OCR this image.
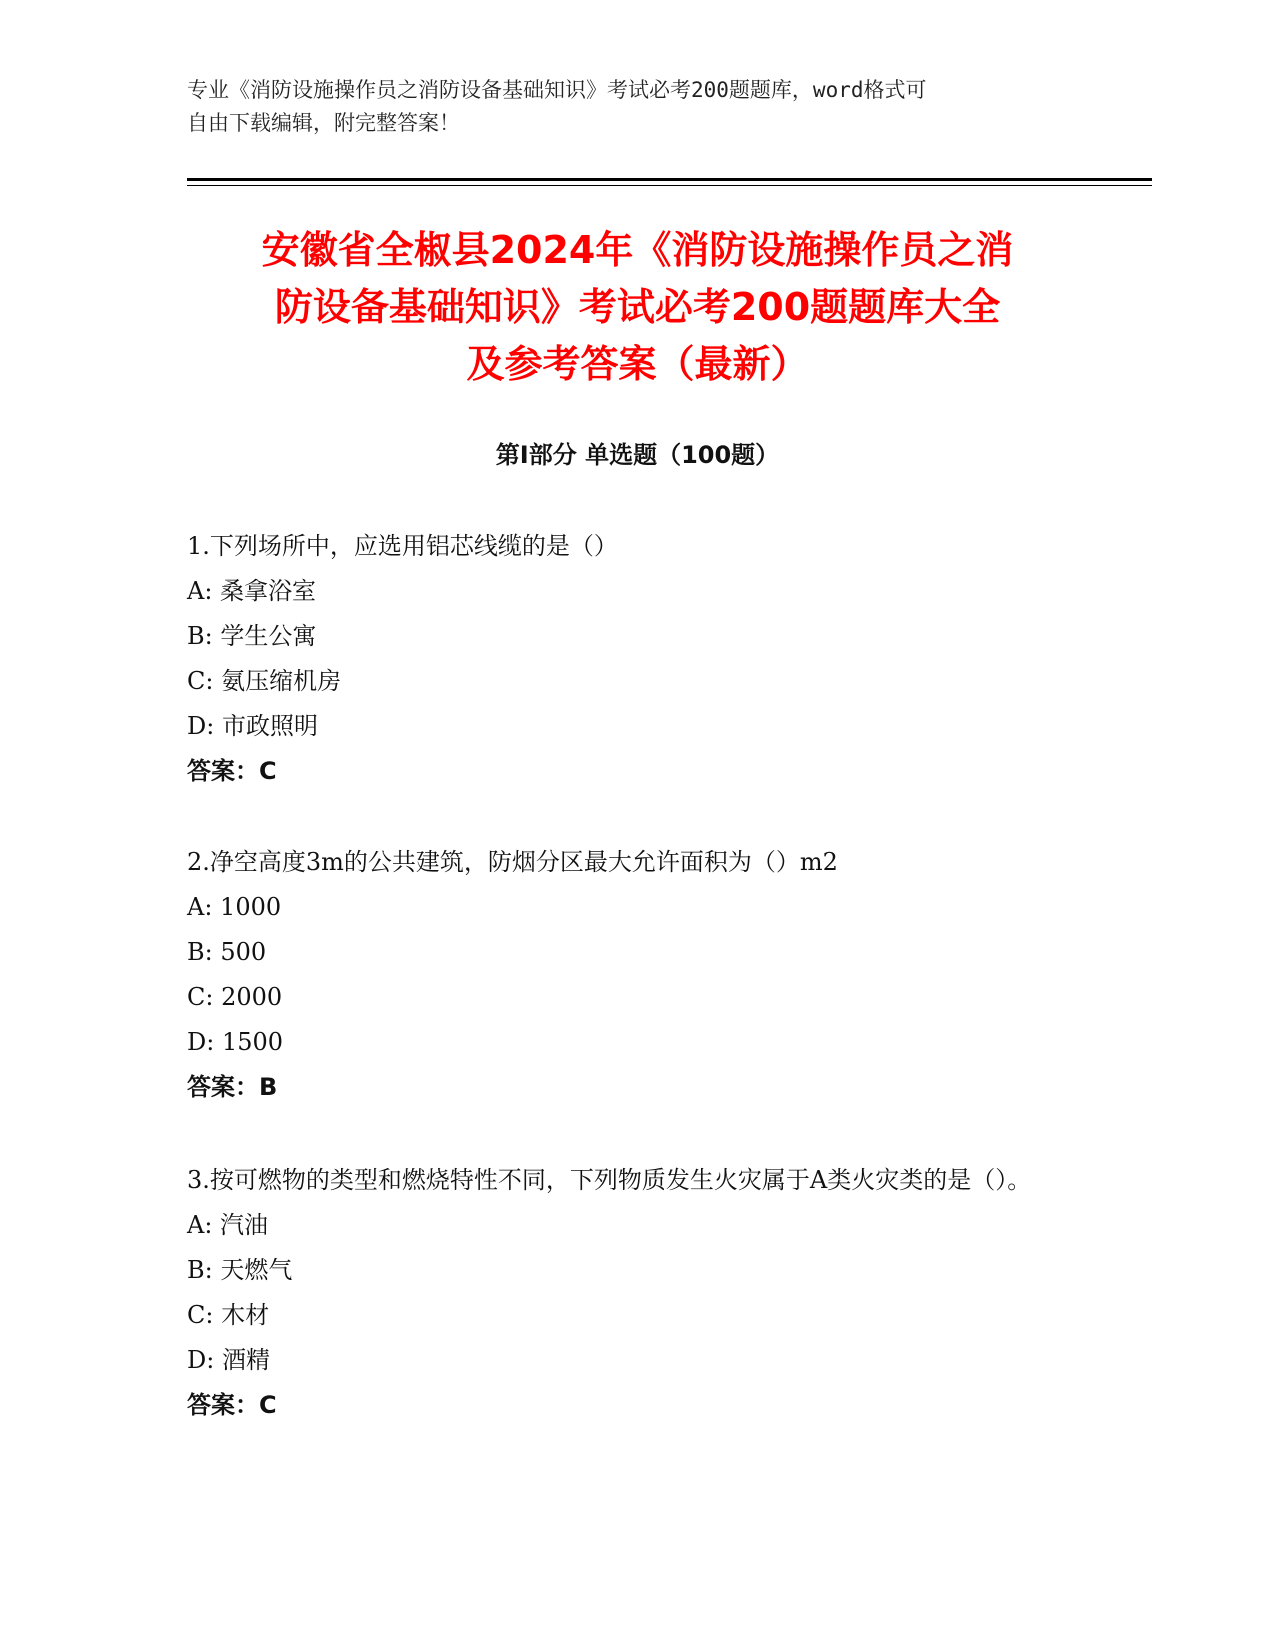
专业《消防设施操作员之消防设备基础知识》考试必考200题题库，word格式可
自由下载编辑，附完整答案！
安徽省全椒县2024年《消防设施操作员之消
防设备基础知识》考试必考200题题库大全
及参考答案（最新）
第Ⅰ部分 单选题（100题）

1.下列场所中，应选用铝芯线缆的是（）

A: 桑拿浴室

B: 学生公寓

C: 氨压缩机房

D: 市政照明

答案：C

2.净空高度3m的公共建筑，防烟分区最大允许面积为（）m2

A: 1000

B: 500

C: 2000

D: 1500

答案：B

3.按可燃物的类型和燃烧特性不同，下列物质发生火灾属于A类火灾类的是（）。

A: 汽油

B: 天燃气

C: 木材

D: 酒精

答案：C
